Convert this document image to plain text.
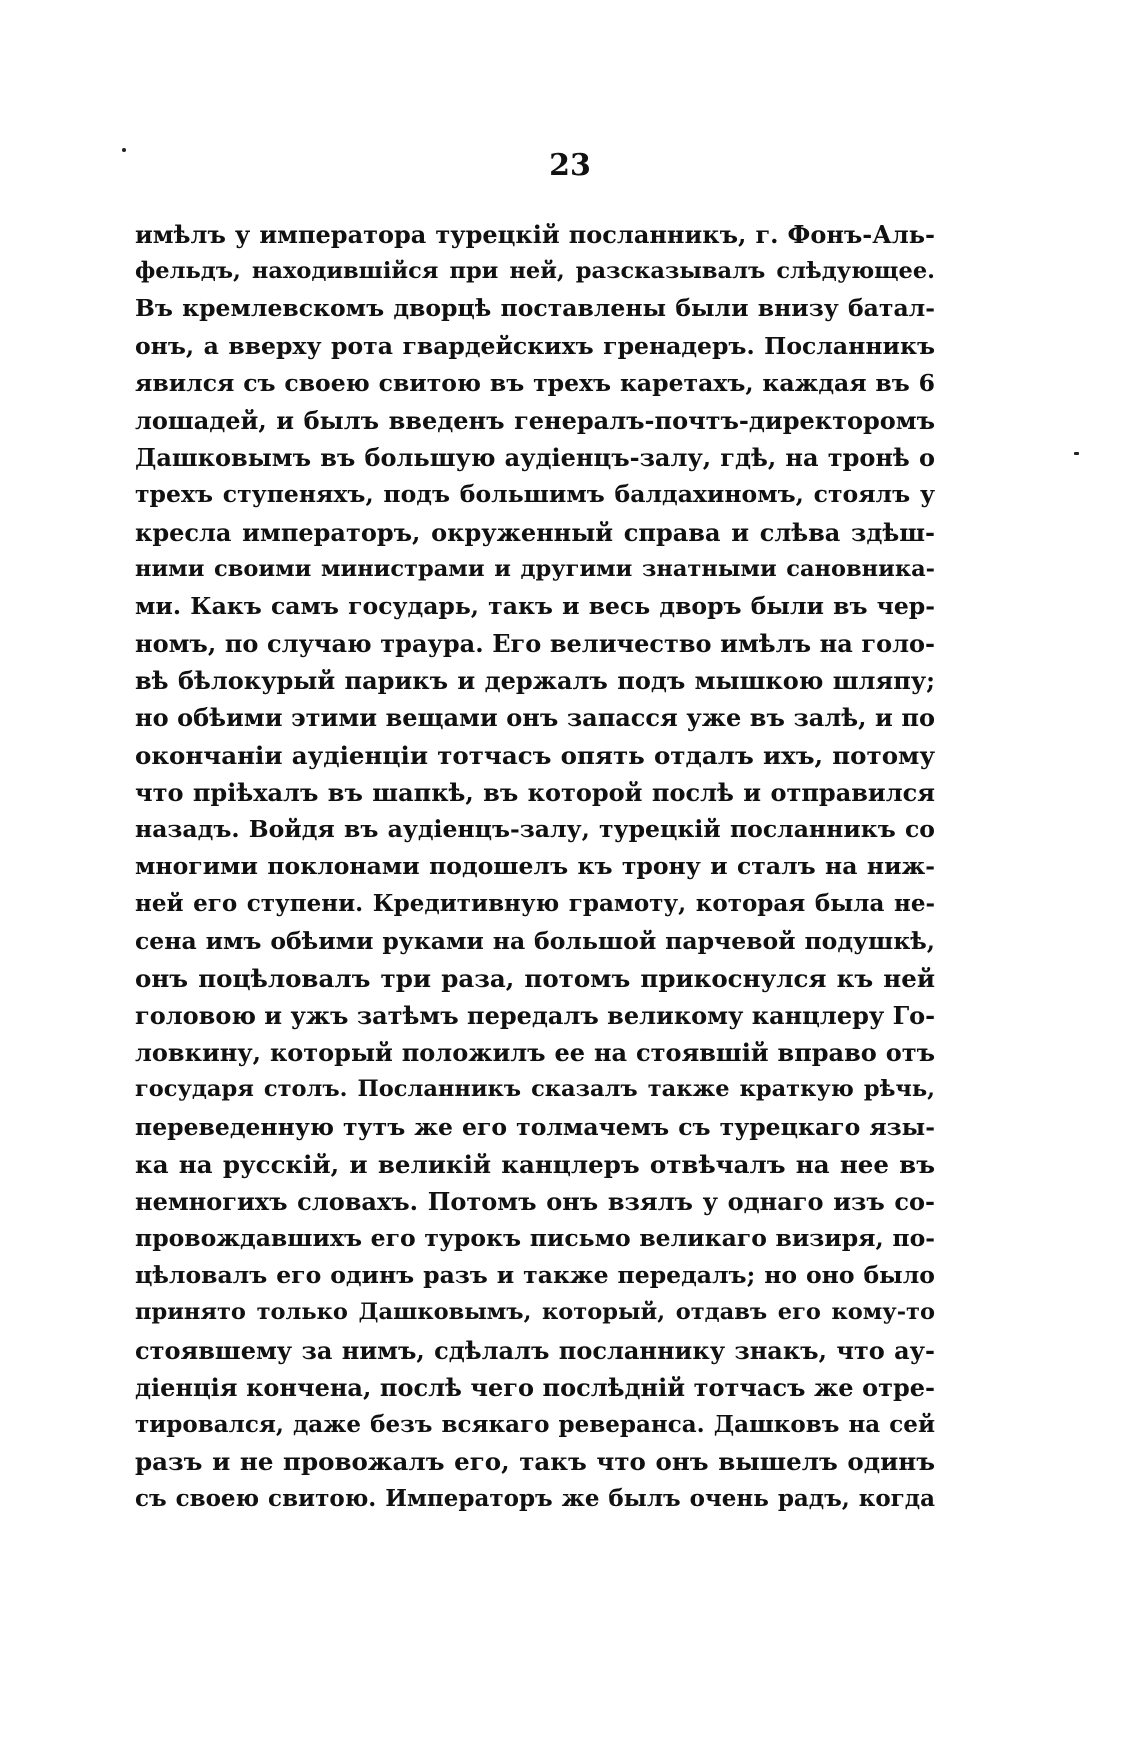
23
имѣлъ у императора турецкій посланникъ, г. Фонъ-Аль-
фельдъ, находившійся при ней, разсказывалъ слѣдующее.
Въ кремлевскомъ дворцѣ поставлены были внизу батал-
онъ, а вверху рота гвардейскихъ гренадеръ. Посланникъ
явился съ своею свитою въ трехъ каретахъ, каждая въ 6
лошадей, и былъ введенъ генералъ-почтъ-директоромъ
Дашковымъ въ большую аудіенцъ-залу, гдѣ, на тронѣ о
трехъ ступеняхъ, подъ большимъ балдахиномъ, стоялъ у
кресла императоръ, окруженный справа и слѣва здѣш-
ними своими министрами и другими знатными сановника-
ми. Какъ самъ государь, такъ и весь дворъ были въ чер-
номъ, по случаю траура. Его величество имѣлъ на голо-
вѣ бѣлокурый парикъ и держалъ подъ мышкою шляпу;
но обѣими этими вещами онъ запасся уже въ залѣ, и по
окончаніи аудіенціи тотчасъ опять отдалъ ихъ, потому
что пріѣхалъ въ шапкѣ, въ которой послѣ и отправился
назадъ. Войдя въ аудіенцъ-залу, турецкій посланникъ со
многими поклонами подошелъ къ трону и сталъ на ниж-
ней его ступени. Кредитивную грамоту, которая была не-
сена имъ обѣими руками на большой парчевой подушкѣ,
онъ поцѣловалъ три раза, потомъ прикоснулся къ ней
головою и ужъ затѣмъ передалъ великому канцлеру Го-
ловкину, который положилъ ее на стоявшій вправо отъ
государя столъ. Посланникъ сказалъ также краткую рѣчь,
переведенную тутъ же его толмачемъ съ турецкаго язы-
ка на русскій, и великій канцлеръ отвѣчалъ на нее въ
немногихъ словахъ. Потомъ онъ взялъ у однаго изъ со-
провождавшихъ его турокъ письмо великаго визиря, по-
цѣловалъ его одинъ разъ и также передалъ; но оно было
принято только Дашковымъ, который, отдавъ его кому-то
стоявшему за нимъ, сдѣлалъ посланнику знакъ, что ау-
діенція кончена, послѣ чего послѣдній тотчасъ же отре-
тировался, даже безъ всякаго реверанса. Дашковъ на сей
разъ и не провожалъ его, такъ что онъ вышелъ одинъ
съ своею свитою. Императоръ же былъ очень радъ, когда
